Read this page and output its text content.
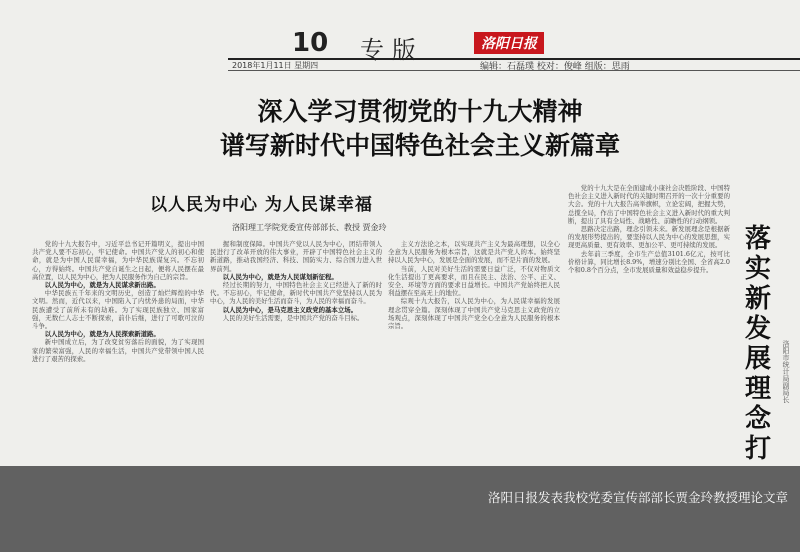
10 专版	洛阳日报
2018年1月11日 星期四	编辑：石磊璞 校对：俊峰 组版：思雨
深入学习贯彻党的十九大精神
谱写新时代中国特色社会主义新篇章
以人民为中心 为人民谋幸福
洛阳理工学院党委宣传部部长、教授 贾金玲

党的十九大报告中，习近平总书记开篇明义，提出中国共产党人要不忘初心，牢记使命。中国共产党人的初心和使命，就是为中国人民谋幸福，为中华民族谋复兴。不忘初心，方得始终。中国共产党自诞生之日起，便将人民摆在最高位置，以人民为中心，把为人民服务作为自己的宗旨。

以人民为中心，就是为人民谋求新出路。

中华民族五千年来的文明历史，创造了灿烂辉煌的中华文明。然而，近代以来，中国陷入了内忧外患的局面，中华民族遭受了前所未有的劫难。为了实现民族独立、国家富强，无数仁人志士不断探索，前仆后继，进行了可歌可泣的斗争。

以人民为中心，就是为人民探索新道路。

新中国成立后，为了改变贫穷落后的面貌，为了实现国家的繁荣富强，人民的幸福生活，中国共产党带领中国人民进行了艰苦的探索。

握和制度保障。中国共产党以人民为中心，团结带领人民进行了改革开放的伟大事业，开辟了中国特色社会主义的新道路，推动我国经济、科技、国防实力、综合国力进入世界前列。

以人民为中心，就是为人民谋划新征程。

经过长期的努力，中国特色社会主义已经进入了新的时代。不忘初心，牢记使命，新时代中国共产党坚持以人民为中心，为人民的美好生活而奋斗，为人民的幸福而奋斗。

以人民为中心，是马克思主义政党的基本立场。

人民的美好生活需要，是中国共产党的奋斗目标。

主义方法论之本，以实现共产主义为最高理想，以全心全意为人民服务为根本宗旨，这就是共产党人的本。始终坚持以人民为中心，发展是全面的发展，而不是片面的发展。

当前，人民对美好生活的需要日益广泛，不仅对物质文化生活提出了更高要求，而且在民主、法治、公平、正义、安全、环境等方面的要求日益增长。中国共产党始终把人民利益摆在至高无上的地位。

综观十九大报告，以人民为中心，为人民谋幸福的发展理念贯穿全篇。深刻体现了中国共产党马克思主义政党的立场观点，深刻体现了中国共产党全心全意为人民服务的根本宗旨。

党的十九大是在全面建成小康社会决胜阶段、中国特色社会主义进入新时代的关键时期召开的一次十分重要的大会。党的十九大报告高举旗帜，立论宏阔，把握大势，总揽全局，作出了中国特色社会主义进入新时代的重大判断，提出了具有全局性、战略性、前瞻性的行动纲领。

思路决定出路，理念引领未来。新发展理念是根据新的发展形势提出的，要坚持以人民为中心的发展思想，实现更高质量、更有效率、更加公平、更可持续的发展。

去年前三季度，全市生产总值3101.6亿元，按可比价格计算，同比增长8.9%，增速分别比全国、全省高2.0个和0.8个百分点，全市发展质量和效益稳步提升。

落实新发展理念 打
洛阳市统计局副局长
洛阳日报发表我校党委宣传部部长贾金玲教授理论文章
